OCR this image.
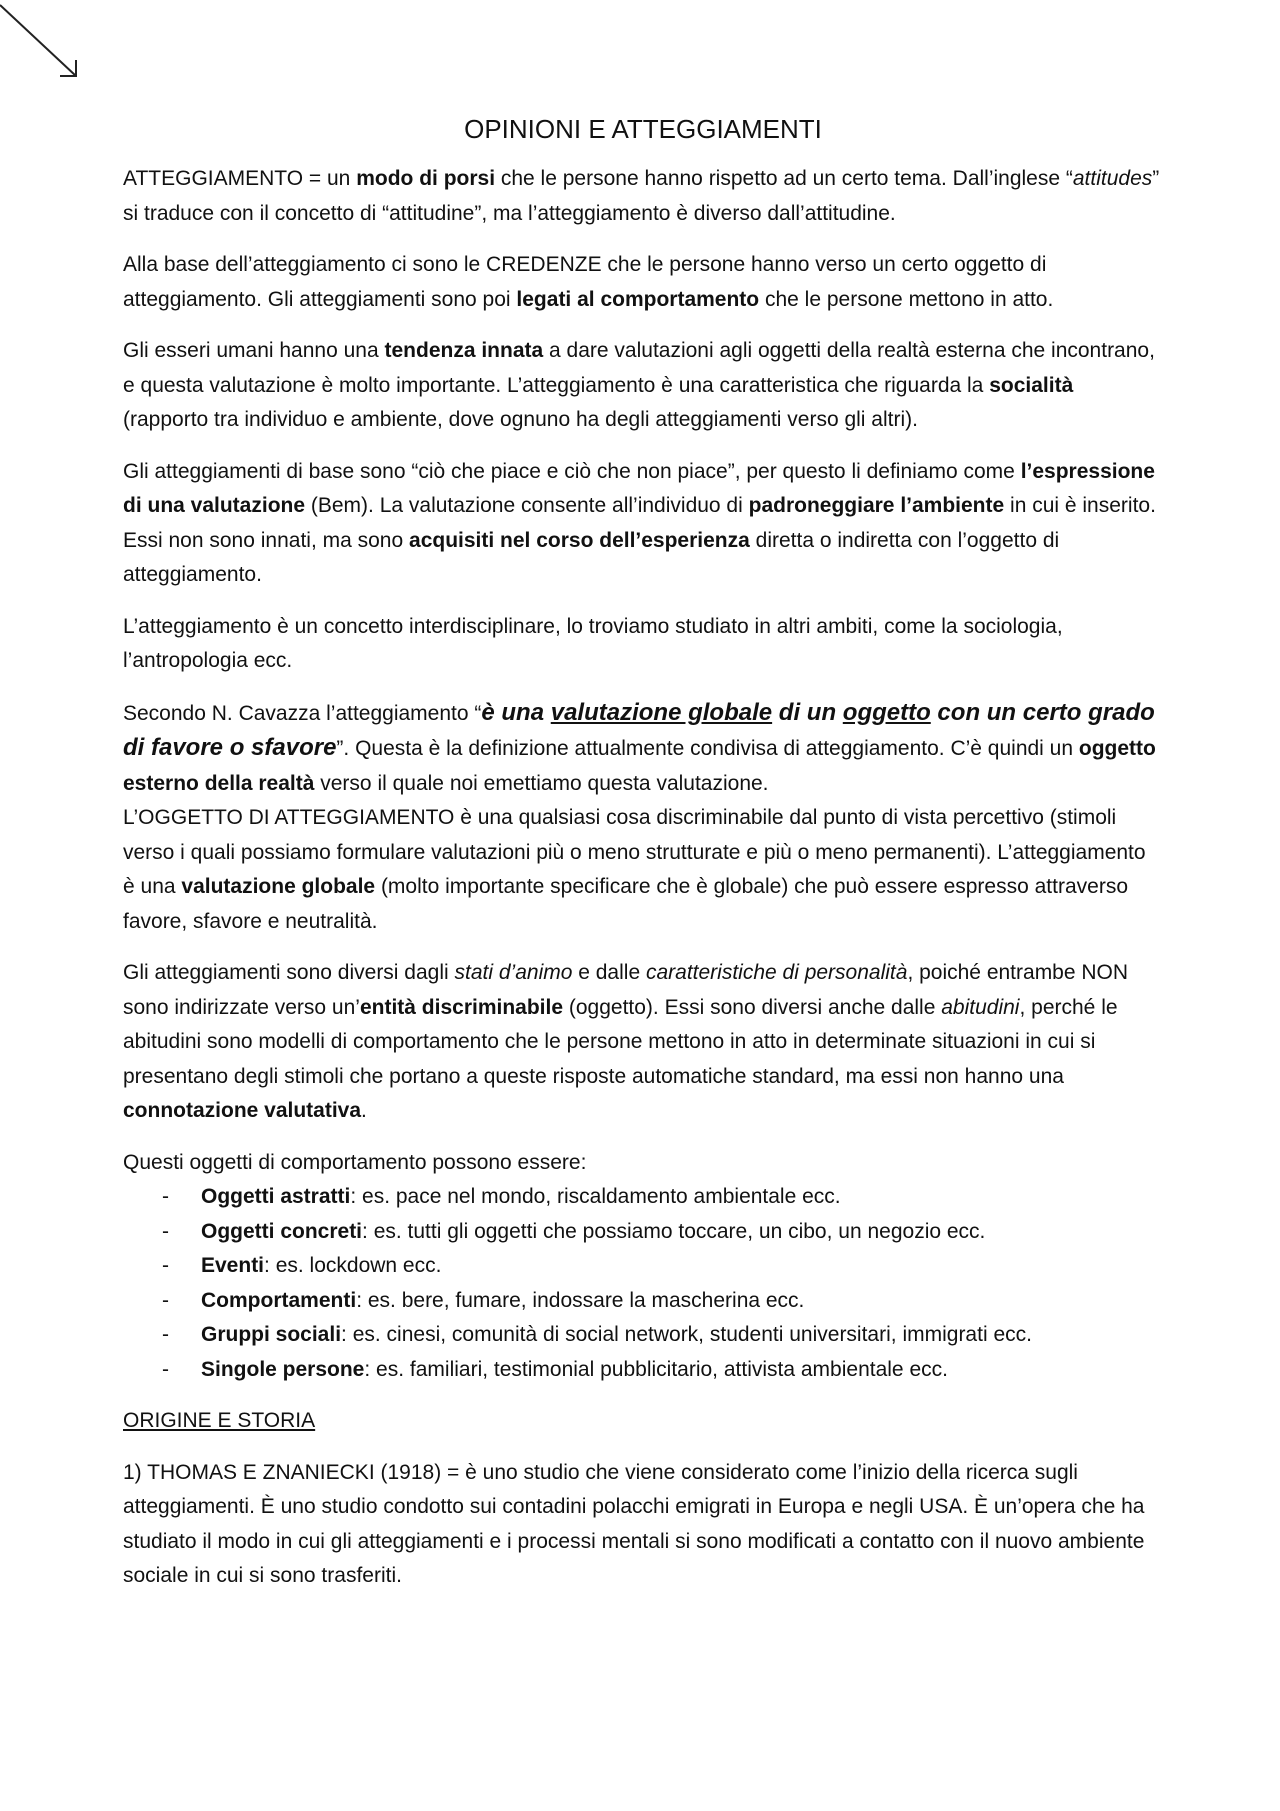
OPINIONI E ATTEGGIAMENTI

ATTEGGIAMENTO = un modo di porsi che le persone hanno rispetto ad un certo tema. Dall’inglese “attitudes” si traduce con il concetto di “attitudine”, ma l’atteggiamento è diverso dall’attitudine.

Alla base dell’atteggiamento ci sono le CREDENZE che le persone hanno verso un certo oggetto di atteggiamento. Gli atteggiamenti sono poi legati al comportamento che le persone mettono in atto.

Gli esseri umani hanno una tendenza innata a dare valutazioni agli oggetti della realtà esterna che incontrano, e questa valutazione è molto importante. L’atteggiamento è una caratteristica che riguarda la socialità (rapporto tra individuo e ambiente, dove ognuno ha degli atteggiamenti verso gli altri).

Gli atteggiamenti di base sono “ciò che piace e ciò che non piace”, per questo li definiamo come l’espressione di una valutazione (Bem). La valutazione consente all’individuo di padroneggiare l’ambiente in cui è inserito. Essi non sono innati, ma sono acquisiti nel corso dell’esperienza diretta o indiretta con l’oggetto di atteggiamento.

L’atteggiamento è un concetto interdisciplinare, lo troviamo studiato in altri ambiti, come la sociologia, l’antropologia ecc.

Secondo N. Cavazza l’atteggiamento “è una valutazione globale di un oggetto con un certo grado di favore o sfavore”. Questa è la definizione attualmente condivisa di atteggiamento. C’è quindi un oggetto esterno della realtà verso il quale noi emettiamo questa valutazione.

L’OGGETTO DI ATTEGGIAMENTO è una qualsiasi cosa discriminabile dal punto di vista percettivo (stimoli verso i quali possiamo formulare valutazioni più o meno strutturate e più o meno permanenti). L’atteggiamento è una valutazione globale (molto importante specificare che è globale) che può essere espresso attraverso favore, sfavore e neutralità.

Gli atteggiamenti sono diversi dagli stati d’animo e dalle caratteristiche di personalità, poiché entrambe NON sono indirizzate verso un’entità discriminabile (oggetto). Essi sono diversi anche dalle abitudini, perché le abitudini sono modelli di comportamento che le persone mettono in atto in determinate situazioni in cui si presentano degli stimoli che portano a queste risposte automatiche standard, ma essi non hanno una connotazione valutativa.

Questi oggetti di comportamento possono essere:

- Oggetti astratti: es. pace nel mondo, riscaldamento ambientale ecc.
- Oggetti concreti: es. tutti gli oggetti che possiamo toccare, un cibo, un negozio ecc.
- Eventi: es. lockdown ecc.
- Comportamenti: es. bere, fumare, indossare la mascherina ecc.
- Gruppi sociali: es. cinesi, comunità di social network, studenti universitari, immigrati ecc.
- Singole persone: es. familiari, testimonial pubblicitario, attivista ambientale ecc.
ORIGINE E STORIA

1) THOMAS E ZNANIECKI (1918) = è uno studio che viene considerato come l’inizio della ricerca sugli atteggiamenti. È uno studio condotto sui contadini polacchi emigrati in Europa e negli USA. È un’opera che ha studiato il modo in cui gli atteggiamenti e i processi mentali si sono modificati a contatto con il nuovo ambiente sociale in cui si sono trasferiti.
